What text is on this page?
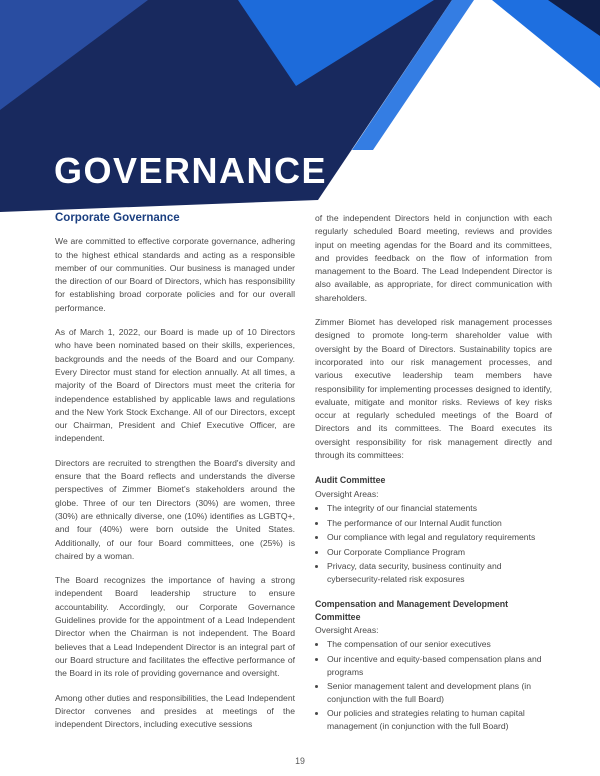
GOVERNANCE
Corporate Governance

We are committed to effective corporate governance, adhering to the highest ethical standards and acting as a responsible member of our communities. Our business is managed under the direction of our Board of Directors, which has responsibility for establishing broad corporate policies and for our overall performance.

As of March 1, 2022, our Board is made up of 10 Directors who have been nominated based on their skills, experiences, backgrounds and the needs of the Board and our Company. Every Director must stand for election annually. At all times, a majority of the Board of Directors must meet the criteria for independence established by applicable laws and regulations and the New York Stock Exchange. All of our Directors, except our Chairman, President and Chief Executive Officer, are independent.

Directors are recruited to strengthen the Board's diversity and ensure that the Board reflects and understands the diverse perspectives of Zimmer Biomet's stakeholders around the globe. Three of our ten Directors (30%) are women, three (30%) are ethnically diverse, one (10%) identifies as LGBTQ+, and four (40%) were born outside the United States. Additionally, of our four Board committees, one (25%) is chaired by a woman.

The Board recognizes the importance of having a strong independent Board leadership structure to ensure accountability. Accordingly, our Corporate Governance Guidelines provide for the appointment of a Lead Independent Director when the Chairman is not independent. The Board believes that a Lead Independent Director is an integral part of our Board structure and facilitates the effective performance of the Board in its role of providing governance and oversight.

Among other duties and responsibilities, the Lead Independent Director convenes and presides at meetings of the independent Directors, including executive sessions

of the independent Directors held in conjunction with each regularly scheduled Board meeting, reviews and provides input on meeting agendas for the Board and its committees, and provides feedback on the flow of information from management to the Board. The Lead Independent Director is also available, as appropriate, for direct communication with shareholders.

Zimmer Biomet has developed risk management processes designed to promote long-term shareholder value with oversight by the Board of Directors. Sustainability topics are incorporated into our risk management processes, and various executive leadership team members have responsibility for implementing processes designed to identify, evaluate, mitigate and monitor risks. Reviews of key risks occur at regularly scheduled meetings of the Board of Directors and its committees. The Board executes its oversight responsibility for risk management directly and through its committees:

Audit Committee

Oversight Areas:

• The integrity of our financial statements
• The performance of our Internal Audit function
• Our compliance with legal and regulatory requirements
• Our Corporate Compliance Program
• Privacy, data security, business continuity and cybersecurity-related risk exposures
Compensation and Management Development Committee

Oversight Areas:

• The compensation of our senior executives
• Our incentive and equity-based compensation plans and programs
• Senior management talent and development plans (in conjunction with the full Board)
• Our policies and strategies relating to human capital management (in conjunction with the full Board)
19
